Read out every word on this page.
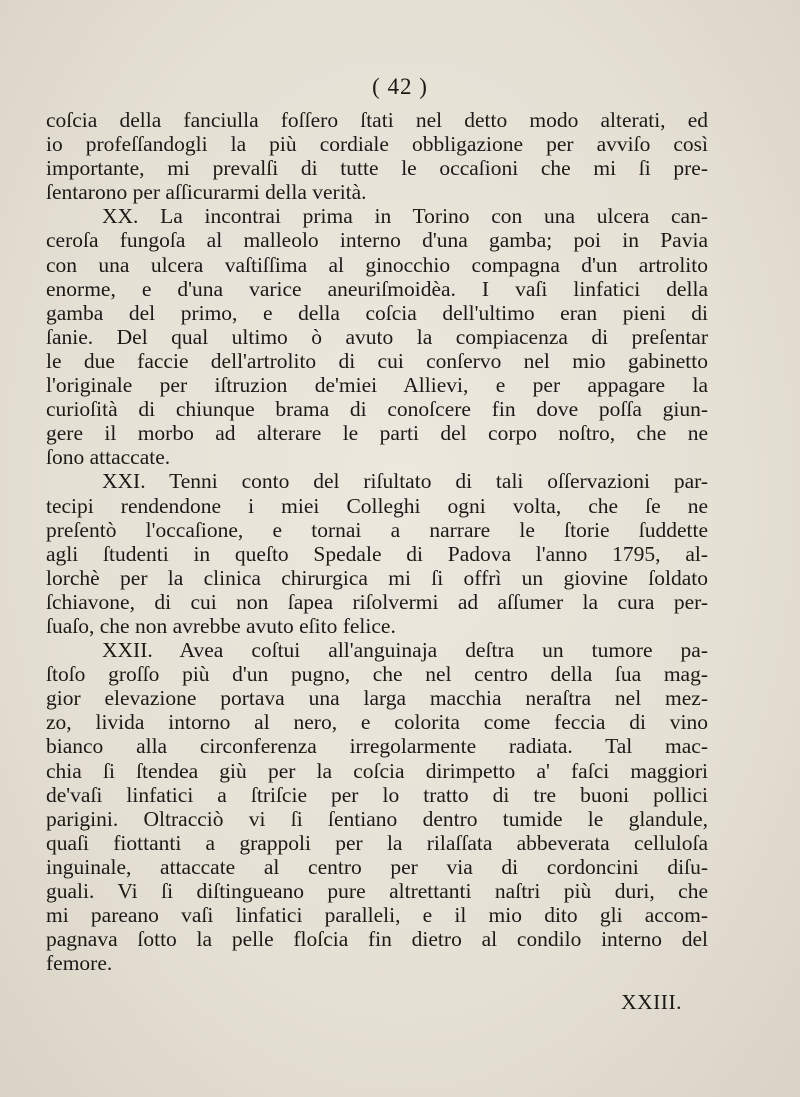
( 42 )
coſcia della fanciulla foſſero ſtati nel detto modo alterati, ed
io profeſſandogli la più cordiale obbligazione per avviſo così
importante, mi prevalſi di tutte le occaſioni che mi ſi pre-
ſentarono per aſſicurarmi della verità.
XX. La incontrai prima in Torino con una ulcera can-
ceroſa fungoſa al malleolo interno d'una gamba; poi in Pavia
con una ulcera vaſtiſſima al ginocchio compagna d'un artrolito
enorme, e d'una varice aneuriſmoidèa. I vaſi linfatici della
gamba del primo, e della coſcia dell'ultimo eran pieni di
ſanie. Del qual ultimo ò avuto la compiacenza di preſentar
le due faccie dell'artrolito di cui conſervo nel mio gabinetto
l'originale per iſtruzion de'miei Allievi, e per appagare la
curioſità di chiunque brama di conoſcere fin dove poſſa giun-
gere il morbo ad alterare le parti del corpo noſtro, che ne
ſono attaccate.
XXI. Tenni conto del riſultato di tali oſſervazioni par-
tecipi rendendone i miei Colleghi ogni volta, che ſe ne
preſentò l'occaſione, e tornai a narrare le ſtorie ſuddette
agli ſtudenti in queſto Spedale di Padova l'anno 1795, al-
lorchè per la clinica chirurgica mi ſi offrì un giovine ſoldato
ſchiavone, di cui non ſapea riſolvermi ad aſſumer la cura per-
ſuaſo, che non avrebbe avuto eſito felice.
XXII. Avea coſtui all'anguinaja deſtra un tumore pa-
ſtoſo groſſo più d'un pugno, che nel centro della ſua mag-
gior elevazione portava una larga macchia neraſtra nel mez-
zo, livida intorno al nero, e colorita come feccia di vino
bianco alla circonferenza irregolarmente radiata. Tal mac-
chia ſi ſtendea giù per la coſcia dirimpetto a' faſci maggiori
de'vaſi linfatici a ſtriſcie per lo tratto di tre buoni pollici
parigini. Oltracciò vi ſi ſentiano dentro tumide le glandule,
quaſi fiottanti a grappoli per la rilaſſata abbeverata celluloſa
inguinale, attaccate al centro per via di cordoncini diſu-
guali. Vi ſi diſtingueano pure altrettanti naſtri più duri, che
mi pareano vaſi linfatici paralleli, e il mio dito gli accom-
pagnava ſotto la pelle floſcia fin dietro al condilo interno del
femore.
XXIII.
